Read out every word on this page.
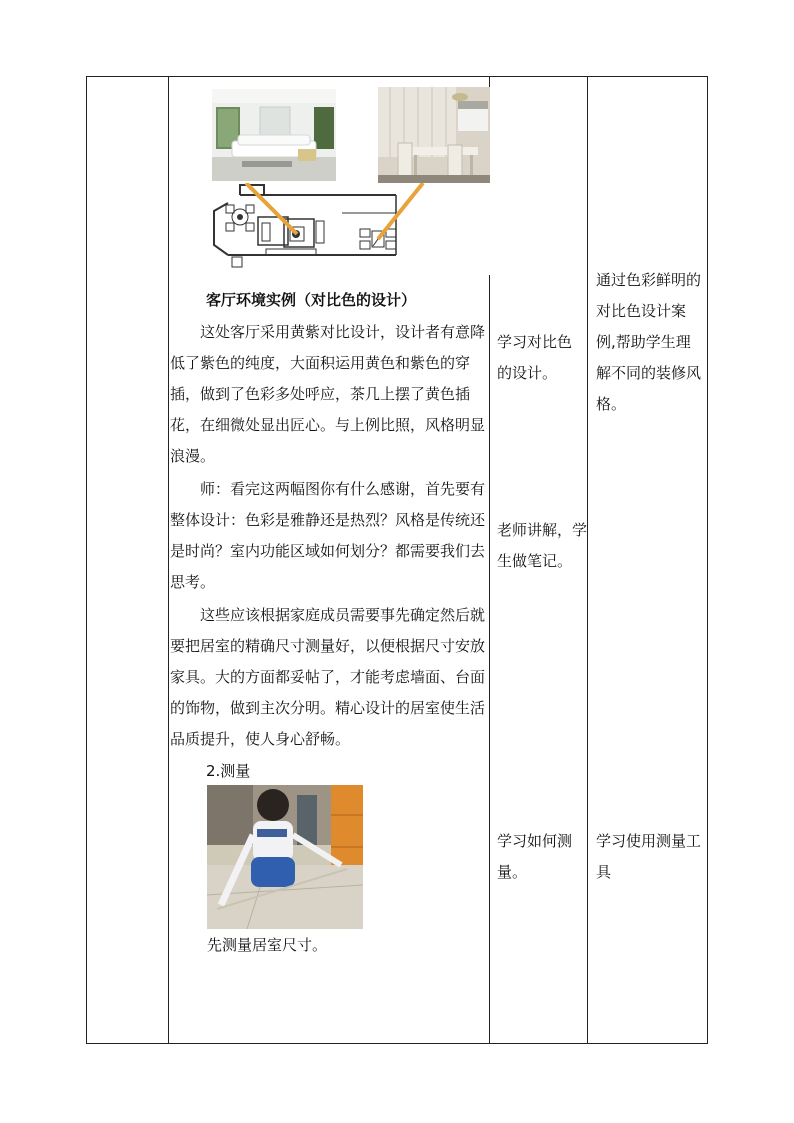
客厅环境实例（对比色的设计）

这处客厅采用黄紫对比设计，设计者有意降低了紫色的纯度，大面积运用黄色和紫色的穿插，做到了色彩多处呼应，茶几上摆了黄色插花，在细微处显出匠心。与上例比照，风格明显浪漫。

师：看完这两幅图你有什么感谢，首先要有整体设计：色彩是雅静还是热烈？风格是传统还是时尚？室内功能区域如何划分？都需要我们去思考。

这些应该根据家庭成员需要事先确定然后就要把居室的精确尺寸测量好，以便根据尺寸安放家具。大的方面都妥帖了，才能考虑墙面、台面的饰物，做到主次分明。精心设计的居室使生活品质提升，使人身心舒畅。

2.测量
先测量居室尺寸。
学习对比色的设计。
老师讲解，学生做笔记。
学习如何测量。
通过色彩鲜明的对比色设计案例,帮助学生理解不同的装修风格。
学习使用测量工具
